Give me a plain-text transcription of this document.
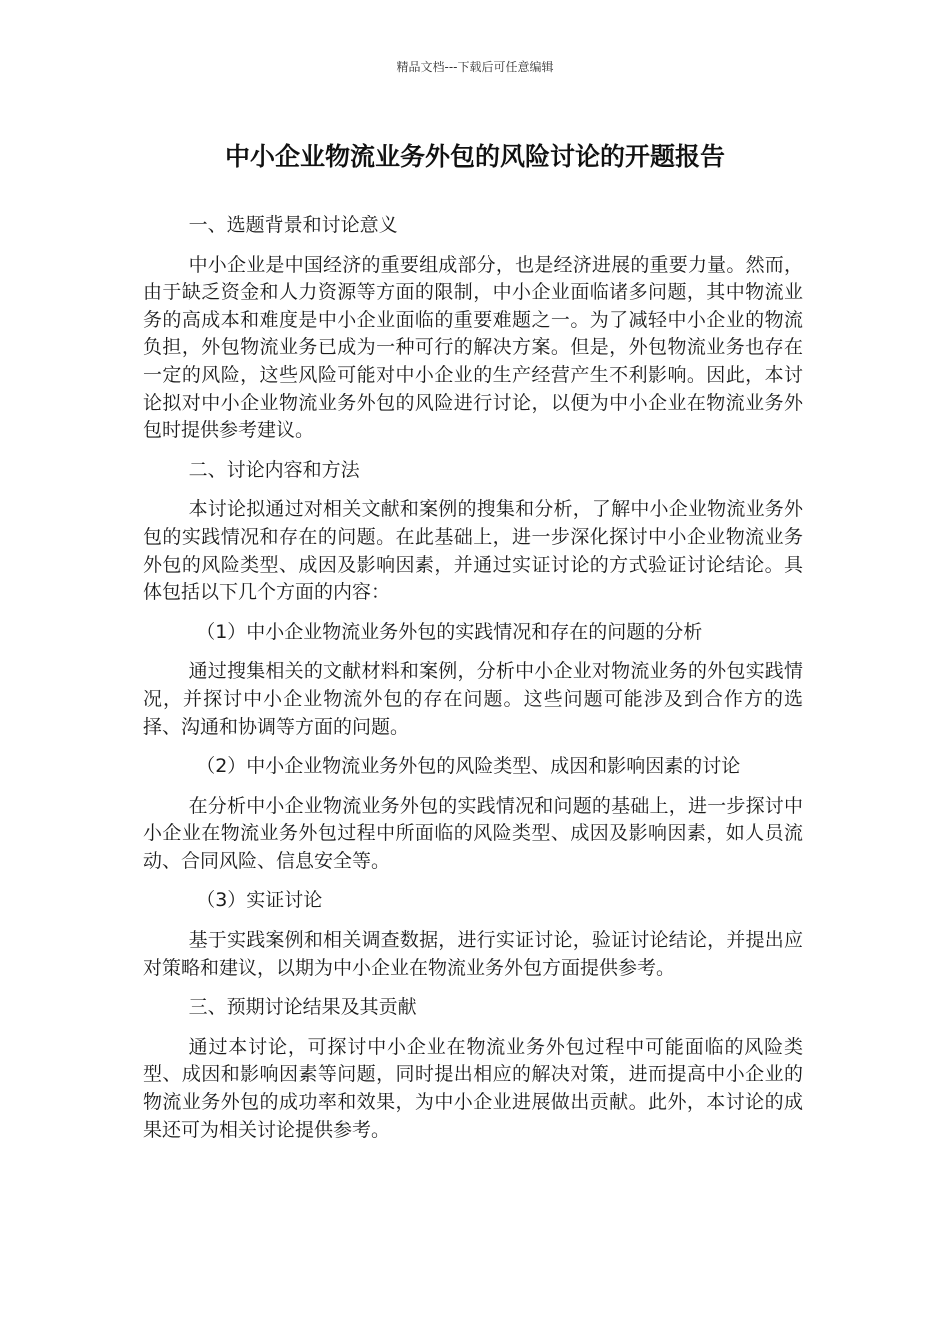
精品文档---下载后可任意编辑
中小企业物流业务外包的风险讨论的开题报告

一、选题背景和讨论意义

中小企业是中国经济的重要组成部分，也是经济进展的重要力量。然而，由于缺乏资金和人力资源等方面的限制，中小企业面临诸多问题，其中物流业务的高成本和难度是中小企业面临的重要难题之一。为了减轻中小企业的物流负担，外包物流业务已成为一种可行的解决方案。但是，外包物流业务也存在一定的风险，这些风险可能对中小企业的生产经营产生不利影响。因此，本讨论拟对中小企业物流业务外包的风险进行讨论，以便为中小企业在物流业务外包时提供参考建议。

二、讨论内容和方法

本讨论拟通过对相关文献和案例的搜集和分析，了解中小企业物流业务外包的实践情况和存在的问题。在此基础上，进一步深化探讨中小企业物流业务外包的风险类型、成因及影响因素，并通过实证讨论的方式验证讨论结论。具体包括以下几个方面的内容：

（1）中小企业物流业务外包的实践情况和存在的问题的分析

通过搜集相关的文献材料和案例，分析中小企业对物流业务的外包实践情况，并探讨中小企业物流外包的存在问题。这些问题可能涉及到合作方的选择、沟通和协调等方面的问题。

（2）中小企业物流业务外包的风险类型、成因和影响因素的讨论

在分析中小企业物流业务外包的实践情况和问题的基础上，进一步探讨中小企业在物流业务外包过程中所面临的风险类型、成因及影响因素，如人员流动、合同风险、信息安全等。

（3）实证讨论

基于实践案例和相关调查数据，进行实证讨论，验证讨论结论，并提出应对策略和建议，以期为中小企业在物流业务外包方面提供参考。

三、预期讨论结果及其贡献

通过本讨论，可探讨中小企业在物流业务外包过程中可能面临的风险类型、成因和影响因素等问题，同时提出相应的解决对策，进而提高中小企业的物流业务外包的成功率和效果，为中小企业进展做出贡献。此外，本讨论的成果还可为相关讨论提供参考。
